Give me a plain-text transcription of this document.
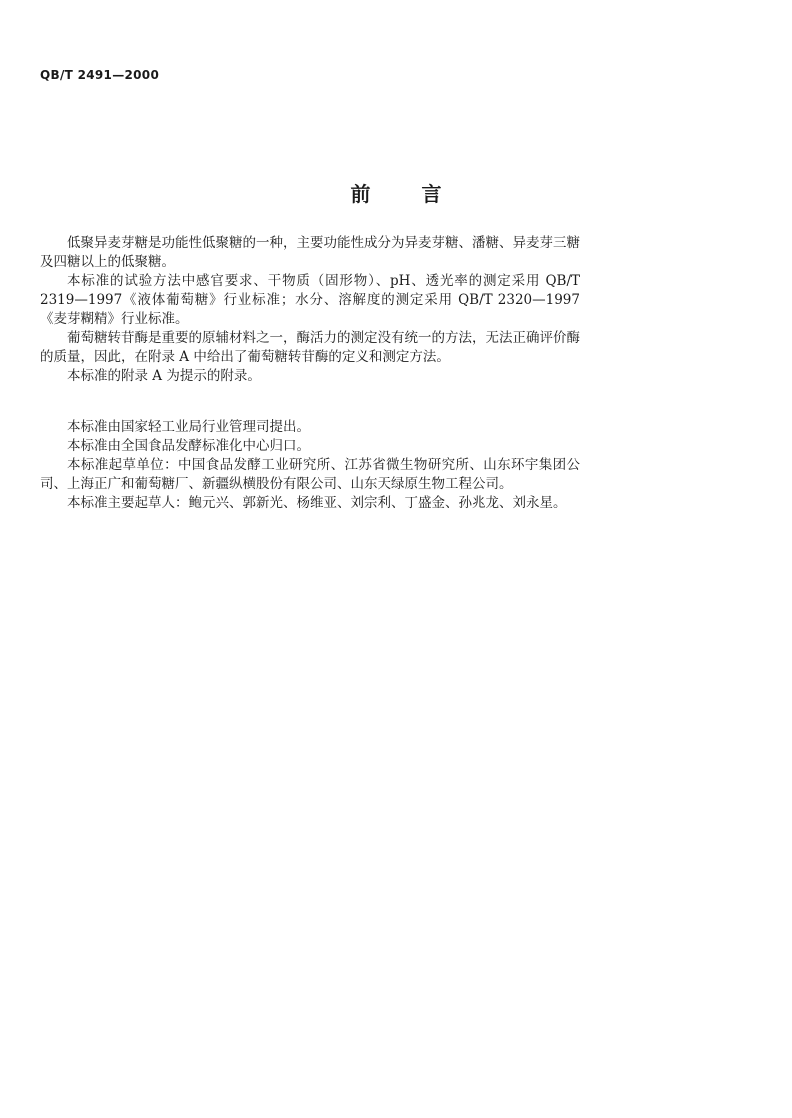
QB/T 2491—2000
前 言

低聚异麦芽糖是功能性低聚糖的一种，主要功能性成分为异麦芽糖、潘糖、异麦芽三糖及四糖以上的低聚糖。

本标准的试验方法中感官要求、干物质（固形物）、pH、透光率的测定采用 QB/T 2319—1997《液体葡萄糖》行业标准；水分、溶解度的测定采用 QB/T 2320—1997《麦芽糊精》行业标准。

葡萄糖转苷酶是重要的原辅材料之一，酶活力的测定没有统一的方法，无法正确评价酶的质量，因此，在附录 A 中给出了葡萄糖转苷酶的定义和测定方法。

本标准的附录 A 为提示的附录。

本标准由国家轻工业局行业管理司提出。

本标准由全国食品发酵标准化中心归口。

本标准起草单位：中国食品发酵工业研究所、江苏省微生物研究所、山东环宇集团公司、上海正广和葡萄糖厂、新疆纵横股份有限公司、山东天绿原生物工程公司。

本标准主要起草人：鲍元兴、郭新光、杨维亚、刘宗利、丁盛金、孙兆龙、刘永星。
